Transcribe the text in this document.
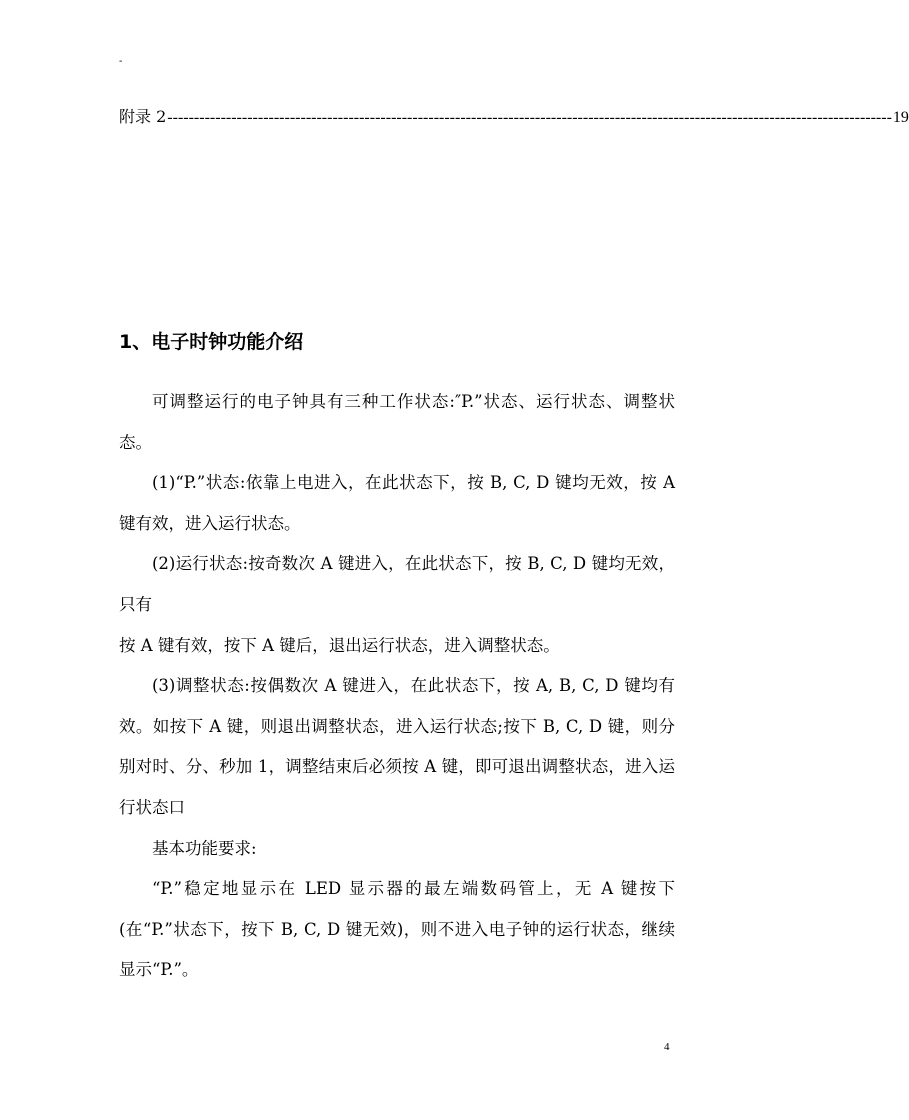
-
附录 2 ---------------------------------------------------------------------------------------------------------------------------------------- 19
1、电子时钟功能介绍

可调整运行的电子钟具有三种工作状态:″P.”状态、运行状态、调整状态。

(1)“P.”状态:依靠上电进入，在此状态下，按 B, C, D 键均无效，按 A 键有效，进入运行状态。

(2)运行状态:按奇数次 A 键进入，在此状态下，按 B, C, D 键均无效，只有

按 A 键有效，按下 A 键后，退出运行状态，进入调整状态。

(3)调整状态:按偶数次 A 键进入，在此状态下，按 A, B, C, D 键均有效。如按下 A 键，则退出调整状态，进入运行状态;按下 B, C, D 键，则分别对时、分、秒加 1，调整结束后必须按 A 键，即可退出调整状态，进入运行状态口

基本功能要求:

“P.”稳定地显示在 LED 显示器的最左端数码管上，无 A 键按下(在“P.”状态下，按下 B, C, D 键无效)，则不进入电子钟的运行状态，继续显示“P.”。

4
